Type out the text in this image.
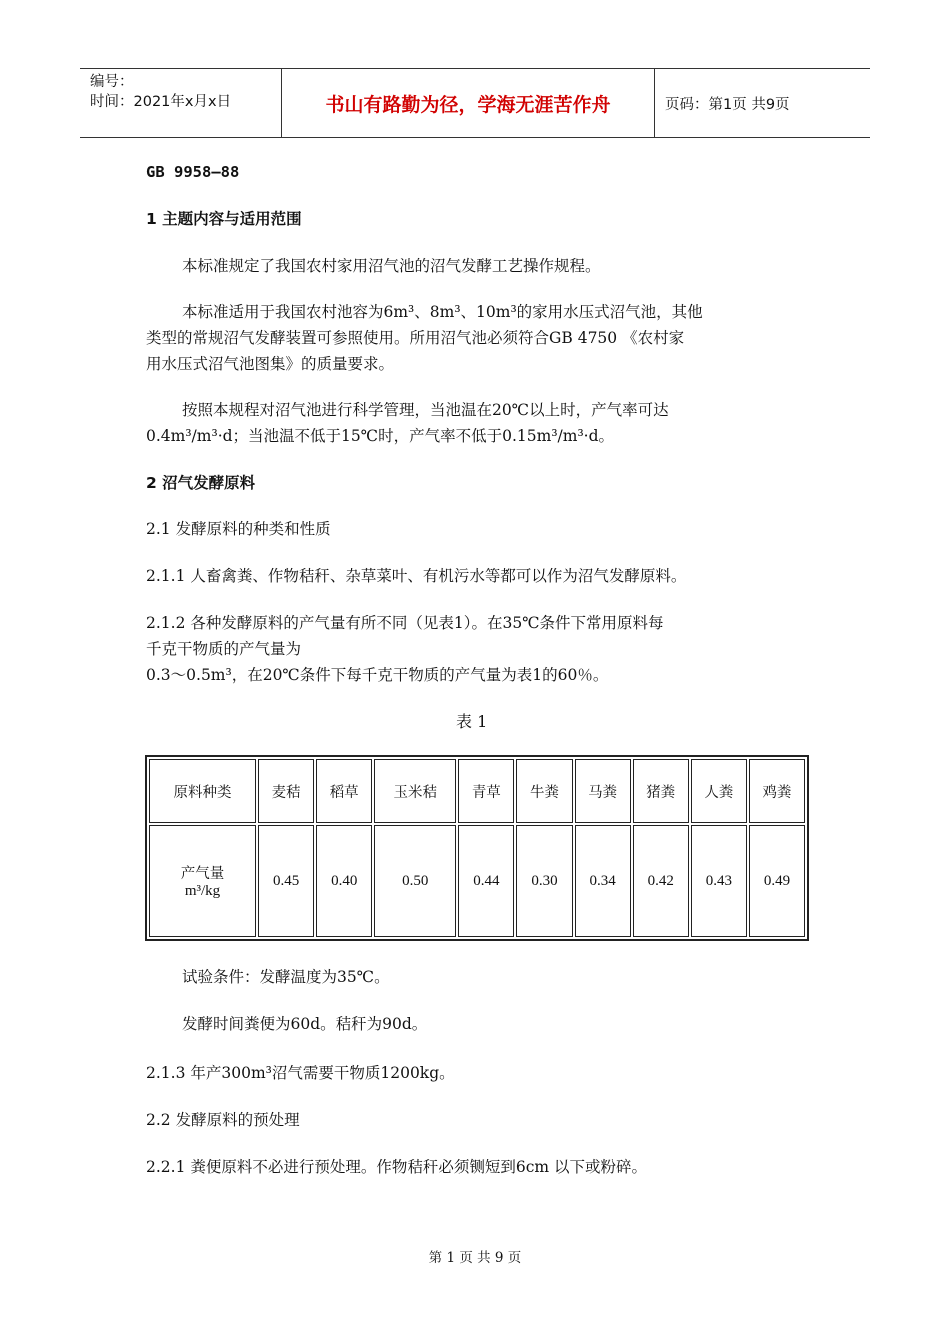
编号：
时间：2021年x月x日	书山有路勤为径，学海无涯苦作舟	页码：第1页 共9页
GB 9958—88
1 主题内容与适用范围
本标准规定了我国农村家用沼气池的沼气发酵工艺操作规程。
本标准适用于我国农村池容为6m³、8m³、10m³的家用水压式沼气池，其他
类型的常规沼气发酵装置可参照使用。所用沼气池必须符合GB 4750 《农村家
用水压式沼气池图集》的质量要求。
按照本规程对沼气池进行科学管理，当池温在20℃以上时，产气率可达
0.4m³/m³·d；当池温不低于15℃时，产气率不低于0.15m³/m³·d。
2 沼气发酵原料
2.1 发酵原料的种类和性质
2.1.1 人畜禽粪、作物秸秆、杂草菜叶、有机污水等都可以作为沼气发酵原料。
2.1.2 各种发酵原料的产气量有所不同（见表1）。在35℃条件下常用原料每
千克干物质的产气量为
0.3～0.5m³，在20℃条件下每千克干物质的产气量为表1的60％。
试验条件：发酵温度为35℃。
发酵时间粪便为60d。秸秆为90d。
2.1.3 年产300m³沼气需要干物质1200kg。
2.2 发酵原料的预处理
2.2.1 粪便原料不必进行预处理。作物秸秆必须铡短到6cm 以下或粉碎。
表 1
原料种类	麦秸	稻草	玉米秸	青草	牛粪	马粪	猪粪	人粪	鸡粪

产气量
m³/kg	0.45	0.40	0.50	0.44	0.30	0.34	0.42	0.43	0.49
第 1 页 共 9 页
